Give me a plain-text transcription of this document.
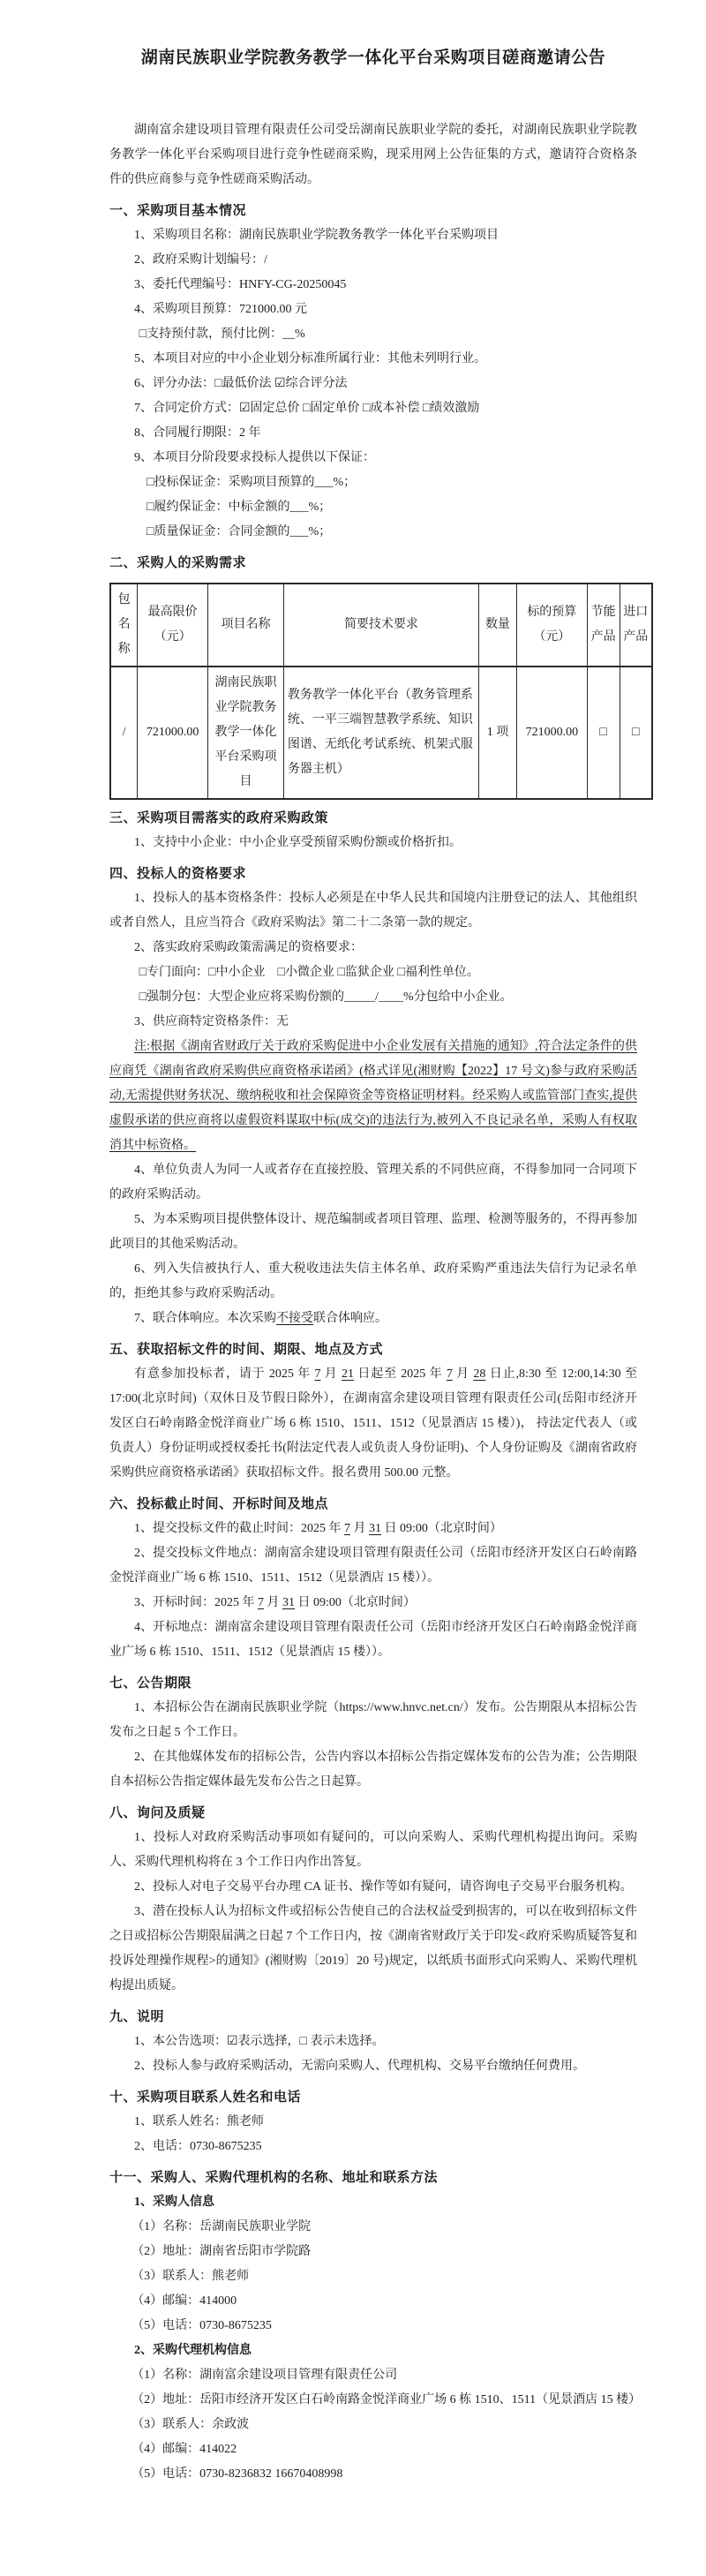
湖南民族职业学院教务教学一体化平台采购项目磋商邀请公告

湖南富余建设项目管理有限责任公司受岳湖南民族职业学院的委托，对湖南民族职业学院教务教学一体化平台采购项目进行竞争性磋商采购，现采用网上公告征集的方式，邀请符合资格条件的供应商参与竞争性磋商采购活动。

一、采购项目基本情况

1、采购项目名称：湖南民族职业学院教务教学一体化平台采购项目

2、政府采购计划编号：/

3、委托代理编号：HNFY-CG-20250045

4、采购项目预算：721000.00 元

□支持预付款，预付比例：__%

5、本项目对应的中小企业划分标准所属行业：其他未列明行业。

6、评分办法：□最低价法 ☑综合评分法

7、合同定价方式：☑固定总价 □固定单价 □成本补偿 □绩效激励

8、合同履行期限：2 年

9、本项目分阶段要求投标人提供以下保证：

□投标保证金：采购项目预算的___%；

□履约保证金：中标金额的___%；

□质量保证金：合同金额的___%；

二、采购人的采购需求

包名称	最高限价（元）	项目名称	简要技术要求	数量	标的预算（元）	节能产品	进口产品
/	721000.00	湖南民族职业学院教务教学一体化平台采购项目	教务教学一体化平台（教务管理系统、一平三端智慧教学系统、知识图谱、无纸化考试系统、机架式服务器主机）	1 项	721000.00	□	□

三、采购项目需落实的政府采购政策

1、支持中小企业：中小企业享受预留采购份额或价格折扣。

四、投标人的资格要求

1、投标人的基本资格条件：投标人必须是在中华人民共和国境内注册登记的法人、其他组织或者自然人，且应当符合《政府采购法》第二十二条第一款的规定。

2、落实政府采购政策需满足的资格要求：

□专门面向：□中小企业　□小微企业 □监狱企业 □福利性单位。

□强制分包：大型企业应将采购份额的_____/____%分包给中小企业。

3、供应商特定资格条件：无

注:根据《湖南省财政厅关于政府采购促进中小企业发展有关措施的通知》,符合法定条件的供应商凭《湖南省政府采购供应商资格承诺函》(格式详见(湘财购【2022】17 号文)参与政府采购活动,无需提供财务状况、缴纳税收和社会保障资金等资格证明材料。经采购人或监管部门查实,提供虚假承诺的供应商将以虚假资料谋取中标(成交)的违法行为,被列入不良记录名单，采购人有权取消其中标资格。

4、单位负责人为同一人或者存在直接控股、管理关系的不同供应商，不得参加同一合同项下的政府采购活动。

5、为本采购项目提供整体设计、规范编制或者项目管理、监理、检测等服务的，不得再参加此项目的其他采购活动。

6、列入失信被执行人、重大税收违法失信主体名单、政府采购严重违法失信行为记录名单的，拒绝其参与政府采购活动。

7、联合体响应。本次采购不接受联合体响应。

五、获取招标文件的时间、期限、地点及方式

有意参加投标者，请于 2025 年 7 月 21 日起至 2025 年 7 月 28 日止,8:30 至 12:00,14:30 至 17:00(北京时间)（双休日及节假日除外），在湖南富余建设项目管理有限责任公司(岳阳市经济开发区白石岭南路金悦洋商业广场 6 栋 1510、1511、1512（见景酒店 15 楼）)， 持法定代表人（或负责人）身份证明或授权委托书(附法定代表人或负责人身份证明)、个人身份证购及《湖南省政府采购供应商资格承诺函》获取招标文件。报名费用 500.00 元整。

六、投标截止时间、开标时间及地点

1、提交投标文件的截止时间：2025 年 7 月 31 日 09:00（北京时间）

2、提交投标文件地点：湖南富余建设项目管理有限责任公司（岳阳市经济开发区白石岭南路金悦洋商业广场 6 栋 1510、1511、1512（见景酒店 15 楼））。

3、开标时间：2025 年 7 月 31 日 09:00（北京时间）

4、开标地点：湖南富余建设项目管理有限责任公司（岳阳市经济开发区白石岭南路金悦洋商业广场 6 栋 1510、1511、1512（见景酒店 15 楼））。

七、公告期限

1、本招标公告在湖南民族职业学院（https://www.hnvc.net.cn/）发布。公告期限从本招标公告发布之日起 5 个工作日。

2、在其他媒体发布的招标公告，公告内容以本招标公告指定媒体发布的公告为准；公告期限自本招标公告指定媒体最先发布公告之日起算。

八、询问及质疑

1、投标人对政府采购活动事项如有疑问的，可以向采购人、采购代理机构提出询问。采购人、采购代理机构将在 3 个工作日内作出答复。

2、投标人对电子交易平台办理 CA 证书、操作等如有疑问，请咨询电子交易平台服务机构。

3、潜在投标人认为招标文件或招标公告使自己的合法权益受到损害的，可以在收到招标文件之日或招标公告期限届满之日起 7 个工作日内，按《湖南省财政厅关于印发<政府采购质疑答复和投诉处理操作规程>的通知》(湘财购〔2019〕20 号)规定，以纸质书面形式向采购人、采购代理机构提出质疑。

九、说明

1、本公告选项：☑表示选择，□ 表示未选择。

2、投标人参与政府采购活动，无需向采购人、代理机构、交易平台缴纳任何费用。

十、采购项目联系人姓名和电话

1、联系人姓名：熊老师

2、电话：0730-8675235

十一、采购人、采购代理机构的名称、地址和联系方法

1、采购人信息

（1）名称：岳湖南民族职业学院

（2）地址：湖南省岳阳市学院路

（3）联系人：熊老师

（4）邮编：414000

（5）电话：0730-8675235

2、采购代理机构信息

（1）名称：湖南富余建设项目管理有限责任公司

（2）地址：岳阳市经济开发区白石岭南路金悦洋商业广场 6 栋 1510、1511（见景酒店 15 楼）

（3）联系人：余政波

（4）邮编：414022

（5）电话：0730-8236832 16670408998
